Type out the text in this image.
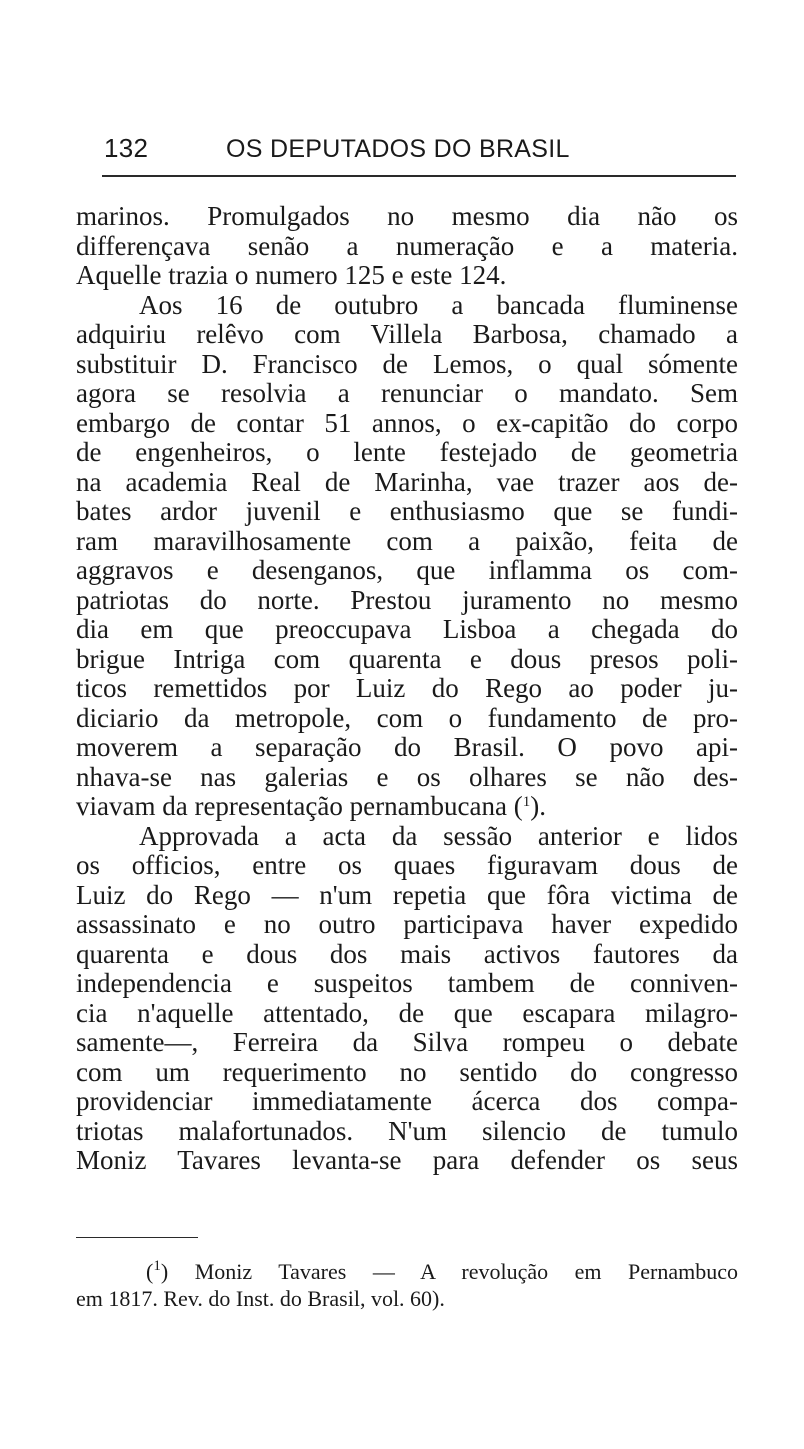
132	OS DEPUTADOS DO BRASIL
marinos. Promulgados no mesmo dia não os
differençava senão a numeração e a materia.
Aquelle trazia o numero 125 e este 124.
Aos 16 de outubro a bancada fluminense
adquiriu relêvo com Villela Barbosa, chamado a
substituir D. Francisco de Lemos, o qual sómente
agora se resolvia a renunciar o mandato. Sem
embargo de contar 51 annos, o ex-capitão do corpo
de engenheiros, o lente festejado de geometria
na academia Real de Marinha, vae trazer aos de-
bates ardor juvenil e enthusiasmo que se fundi-
ram maravilhosamente com a paixão, feita de
aggravos e desenganos, que inflamma os com-
patriotas do norte. Prestou juramento no mesmo
dia em que preoccupava Lisboa a chegada do
brigue Intriga com quarenta e dous presos poli-
ticos remettidos por Luiz do Rego ao poder ju-
diciario da metropole, com o fundamento de pro-
moverem a separação do Brasil. O povo api-
nhava-se nas galerias e os olhares se não des-
viavam da representação pernambucana ($^1$).
Approvada a acta da sessão anterior e lidos
os officios, entre os quaes figuravam dous de
Luiz do Rego — n'um repetia que fôra victima de
assassinato e no outro participava haver expedido
quarenta e dous dos mais activos fautores da
independencia e suspeitos tambem de conniven-
cia n'aquelle attentado, de que escapara milagro-
samente—, Ferreira da Silva rompeu o debate
com um requerimento no sentido do congresso
providenciar immediatamente ácerca dos compa-
triotas malafortunados. N'um silencio de tumulo
Moniz Tavares levanta-se para defender os seus
($^1$) Moniz Tavares — A revolução em Pernambuco
em 1817. Rev. do Inst. do Brasil, vol. 60).
